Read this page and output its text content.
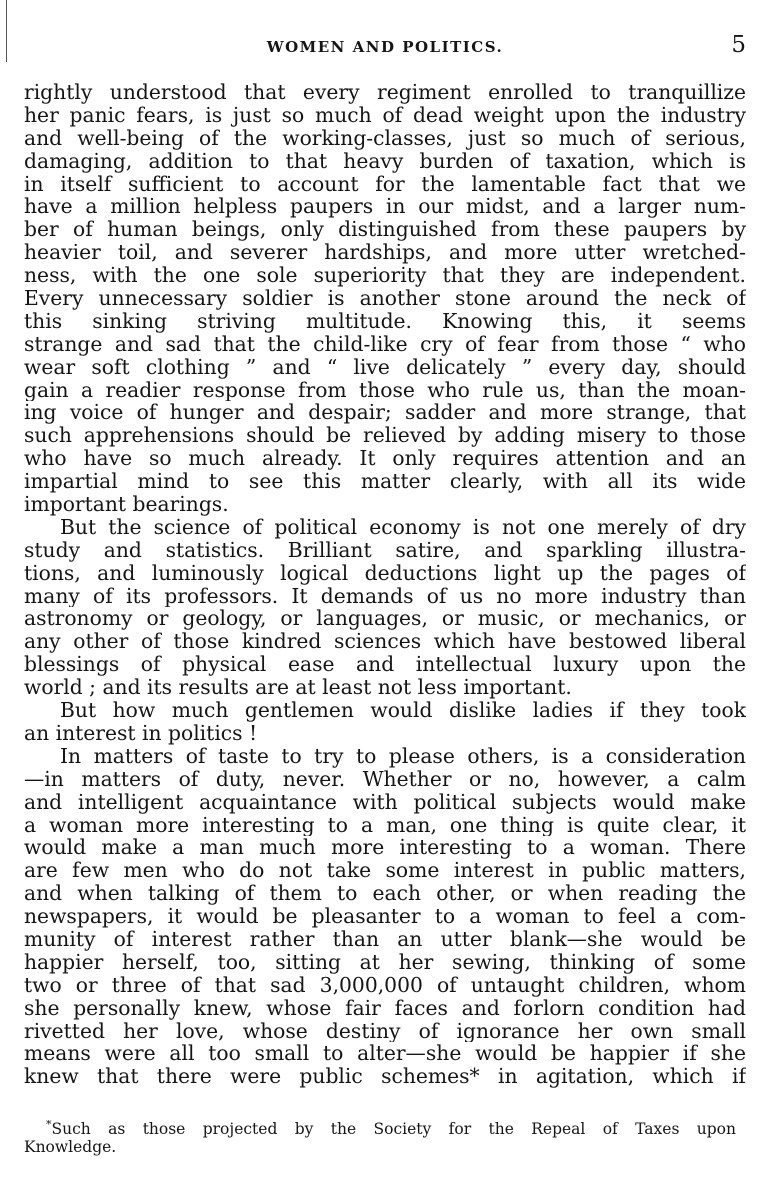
WOMEN AND POLITICS.	5
rightly understood that every regiment enrolled to tranquillize
her panic fears, is just so much of dead weight upon the industry
and well-being of the working-classes, just so much of serious,
damaging, addition to that heavy burden of taxation, which is
in itself sufficient to account for the lamentable fact that we
have a million helpless paupers in our midst, and a larger num-
ber of human beings, only distinguished from these paupers by
heavier toil, and severer hardships, and more utter wretched-
ness, with the one sole superiority that they are independent.
Every unnecessary soldier is another stone around the neck of
this sinking striving multitude. Knowing this, it seems
strange and sad that the child-like cry of fear from those “ who
wear soft clothing ” and “ live delicately ” every day, should
gain a readier response from those who rule us, than the moan-
ing voice of hunger and despair; sadder and more strange, that
such apprehensions should be relieved by adding misery to those
who have so much already. It only requires attention and an
impartial mind to see this matter clearly, with all its wide
important bearings.
But the science of political economy is not one merely of dry
study and statistics. Brilliant satire, and sparkling illustra-
tions, and luminously logical deductions light up the pages of
many of its professors. It demands of us no more industry than
astronomy or geology, or languages, or music, or mechanics, or
any other of those kindred sciences which have bestowed liberal
blessings of physical ease and intellectual luxury upon the
world ; and its results are at least not less important.
But how much gentlemen would dislike ladies if they took
an interest in politics !
In matters of taste to try to please others, is a consideration
—in matters of duty, never. Whether or no, however, a calm
and intelligent acquaintance with political subjects would make
a woman more interesting to a man, one thing is quite clear, it
would make a man much more interesting to a woman. There
are few men who do not take some interest in public matters,
and when talking of them to each other, or when reading the
newspapers, it would be pleasanter to a woman to feel a com-
munity of interest rather than an utter blank—she would be
happier herself, too, sitting at her sewing, thinking of some
two or three of that sad 3,000,000 of untaught children, whom
she personally knew, whose fair faces and forlorn condition had
rivetted her love, whose destiny of ignorance her own small
means were all too small to alter—she would be happier if she
knew that there were public schemes* in agitation, which if
*Such as those projected by the Society for the Repeal of Taxes upon
Knowledge.
